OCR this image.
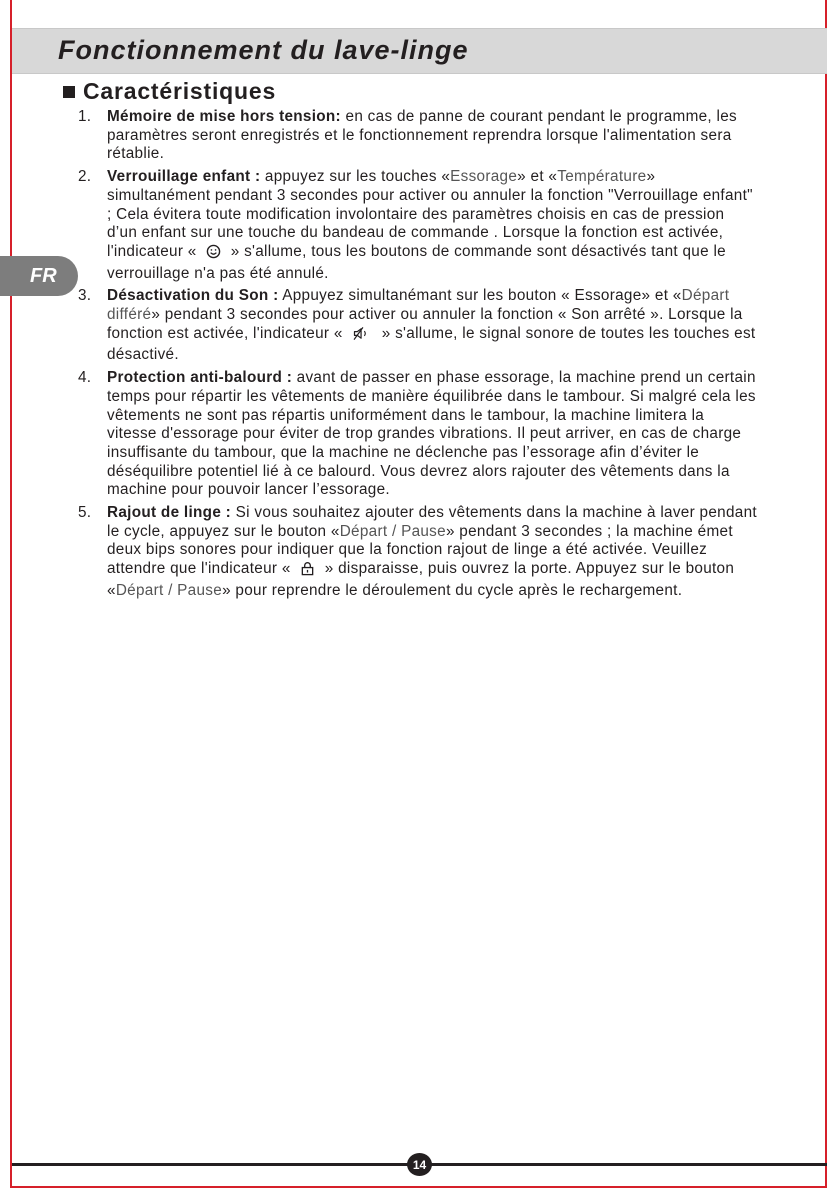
Fonctionnement du lave-linge
Caractéristiques
FR
1.	Mémoire de mise hors tension: en cas de panne de courant pendant le programme, les paramètres seront enregistrés et le fonctionnement reprendra lorsque l'alimentation sera rétablie.
2.	Verrouillage enfant : appuyez sur les touches «Essorage» et «Température» simultanément pendant 3 secondes pour activer ou annuler la fonction "Verrouillage enfant" ; Cela évitera toute modification involontaire des paramètres choisis en cas de pression d’un enfant sur une touche du bandeau de commande . Lorsque la fonction est activée, l'indicateur «  » s'allume, tous les boutons de commande sont désactivés tant que le verrouillage n'a pas été annulé.
3.	Désactivation du Son : Appuyez simultanémant sur les bouton « Essorage» et «Départ différé» pendant 3 secondes pour activer ou annuler la fonction « Son arrêté ». Lorsque la fonction est activée, l'indicateur «  » s'allume, le signal sonore de toutes les touches est désactivé.
4.	Protection anti-balourd : avant de passer en phase essorage, la machine prend un certain temps pour répartir les vêtements de manière équilibrée dans le tambour. Si malgré cela les vêtements ne sont pas répartis uniformément dans le tambour, la machine limitera la vitesse d'essorage pour éviter de trop grandes vibrations. Il peut arriver, en cas de charge insuffisante du tambour, que la machine ne déclenche pas l’essorage afin d’éviter le déséquilibre potentiel lié à ce balourd. Vous devrez alors rajouter des vêtements dans la machine pour pouvoir lancer l’essorage.
5.	Rajout de linge : Si vous souhaitez ajouter des vêtements dans la machine à laver pendant le cycle, appuyez sur le bouton «Départ / Pause» pendant 3 secondes ; la machine émet deux bips sonores pour indiquer que la fonction rajout de linge a été activée. Veuillez attendre que l'indicateur «  » disparaisse, puis ouvrez la porte. Appuyez sur le bouton «Départ / Pause» pour reprendre le déroulement du cycle après le rechargement.
14
